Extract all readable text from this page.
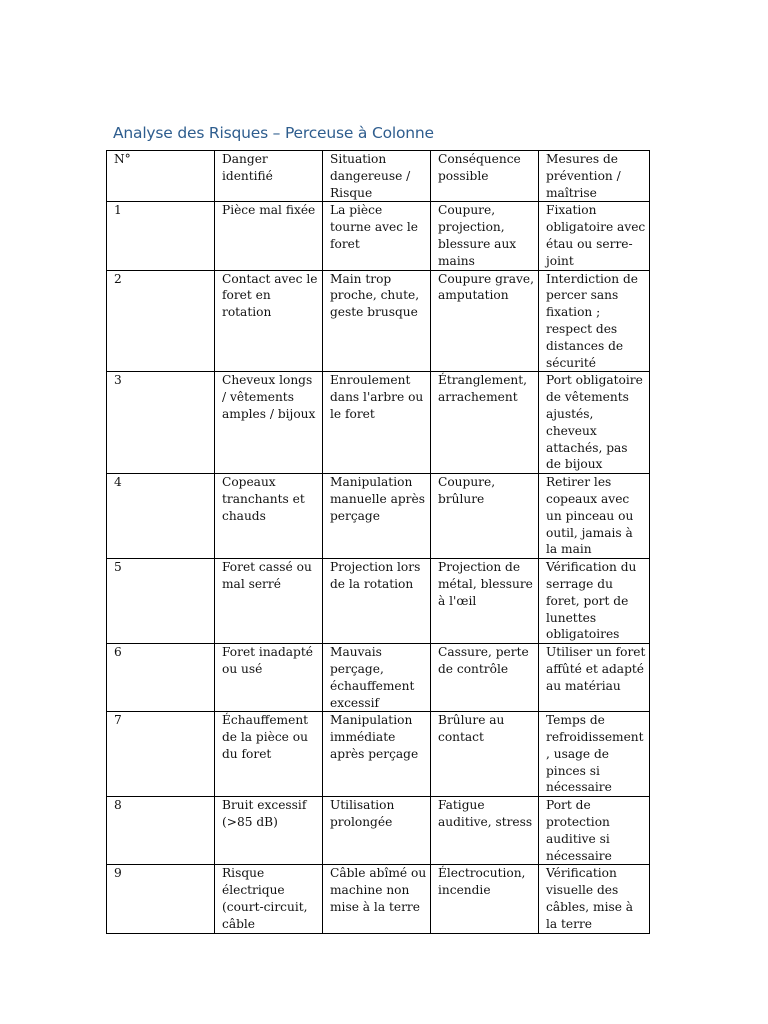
Analyse des Risques – Perceuse à Colonne
N°	Danger identifié	Situation dangereuse / Risque	Conséquence possible	Mesures de prévention / maîtrise
1	Pièce mal fixée	La pièce tourne avec le foret	Coupure, projection, blessure aux mains	Fixation obligatoire avec étau ou serre-joint
2	Contact avec le foret en rotation	Main trop proche, chute, geste brusque	Coupure grave, amputation	Interdiction de percer sans fixation ; respect des distances de sécurité
3	Cheveux longs / vêtements amples / bijoux	Enroulement dans l'arbre ou le foret	Étranglement, arrachement	Port obligatoire de vêtements ajustés, cheveux attachés, pas de bijoux
4	Copeaux tranchants et chauds	Manipulation manuelle après perçage	Coupure, brûlure	Retirer les copeaux avec un pinceau ou outil, jamais à la main
5	Foret cassé ou mal serré	Projection lors de la rotation	Projection de métal, blessure à l'œil	Vérification du serrage du foret, port de lunettes obligatoires
6	Foret inadapté ou usé	Mauvais perçage, échauffement excessif	Cassure, perte de contrôle	Utiliser un foret affûté et adapté au matériau
7	Échauffement de la pièce ou du foret	Manipulation immédiate après perçage	Brûlure au contact	Temps de refroidissement , usage de pinces si nécessaire
8	Bruit excessif (>85 dB)	Utilisation prolongée	Fatigue auditive, stress	Port de protection auditive si nécessaire
9	Risque électrique (court-circuit, câble	Câble abîmé ou machine non mise à la terre	Électrocution, incendie	Vérification visuelle des câbles, mise à la terre
